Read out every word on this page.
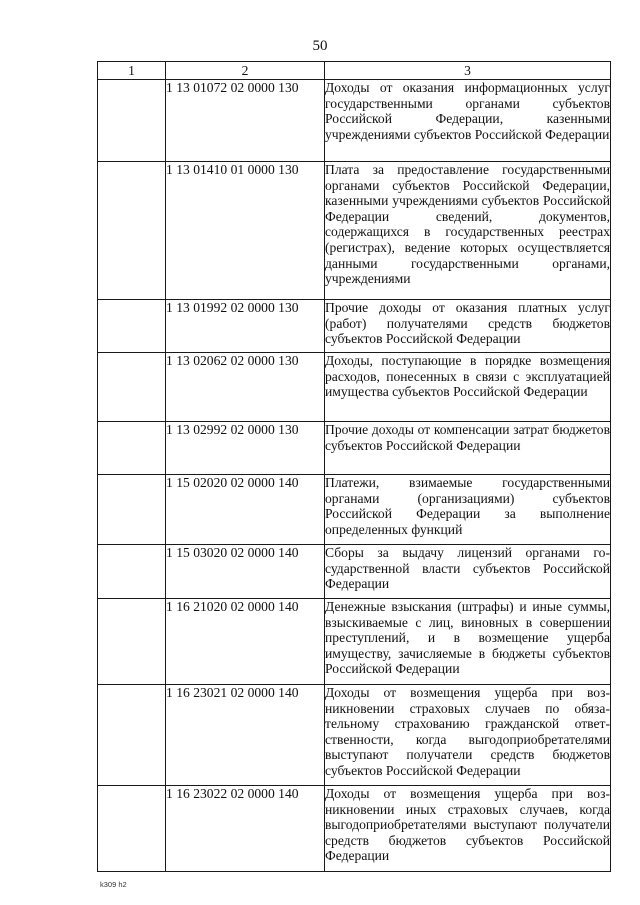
50
1	2	3
	1 13 01072 02 0000 130	Доходы от оказания информационных услуг государственными органами субъектов Российской Федерации, казенными учреждениями субъектов Российской Федерации
	1 13 01410 01 0000 130	Плата за предоставление государственными органами субъектов Российской Федерации, казенными учреждениями субъектов Российской Федерации сведений, документов, содержащихся в государственных реестрах (регистрах), ведение которых осуществляется данными государственными органами, учреждениями
	1 13 01992 02 0000 130	Прочие доходы от оказания платных услуг (работ) получателями средств бюджетов субъектов Российской Федерации
	1 13 02062 02 0000 130	Доходы, поступающие в порядке возмещения расходов, понесенных в связи с эксплуатацией имущества субъектов Российской Федерации
	1 13 02992 02 0000 130	Прочие доходы от компенсации затрат бюджетов субъектов Российской Федерации
	1 15 02020 02 0000 140	Платежи, взимаемые государственными органами (организациями) субъектов Российской Федерации за выполнение определенных функций
	1 15 03020 02 0000 140	Сборы за выдачу лицензий органами государственной власти субъектов Российской Федерации
	1 16 21020 02 0000 140	Денежные взыскания (штрафы) и иные суммы, взыскиваемые с лиц, виновных в совершении преступлений, и в возмещение ущерба имуществу, зачисляемые в бюджеты субъектов Российской Федерации
	1 16 23021 02 0000 140	Доходы от возмещения ущерба при возникновении страховых случаев по обязательному страхованию гражданской ответственности, когда выгодоприобретателями выступают получатели средств бюджетов субъектов Российской Федерации
	1 16 23022 02 0000 140	Доходы от возмещения ущерба при возникновении иных страховых случаев, когда выгодоприобретателями выступают получатели средств бюджетов субъектов Российской Федерации
k309 h2
